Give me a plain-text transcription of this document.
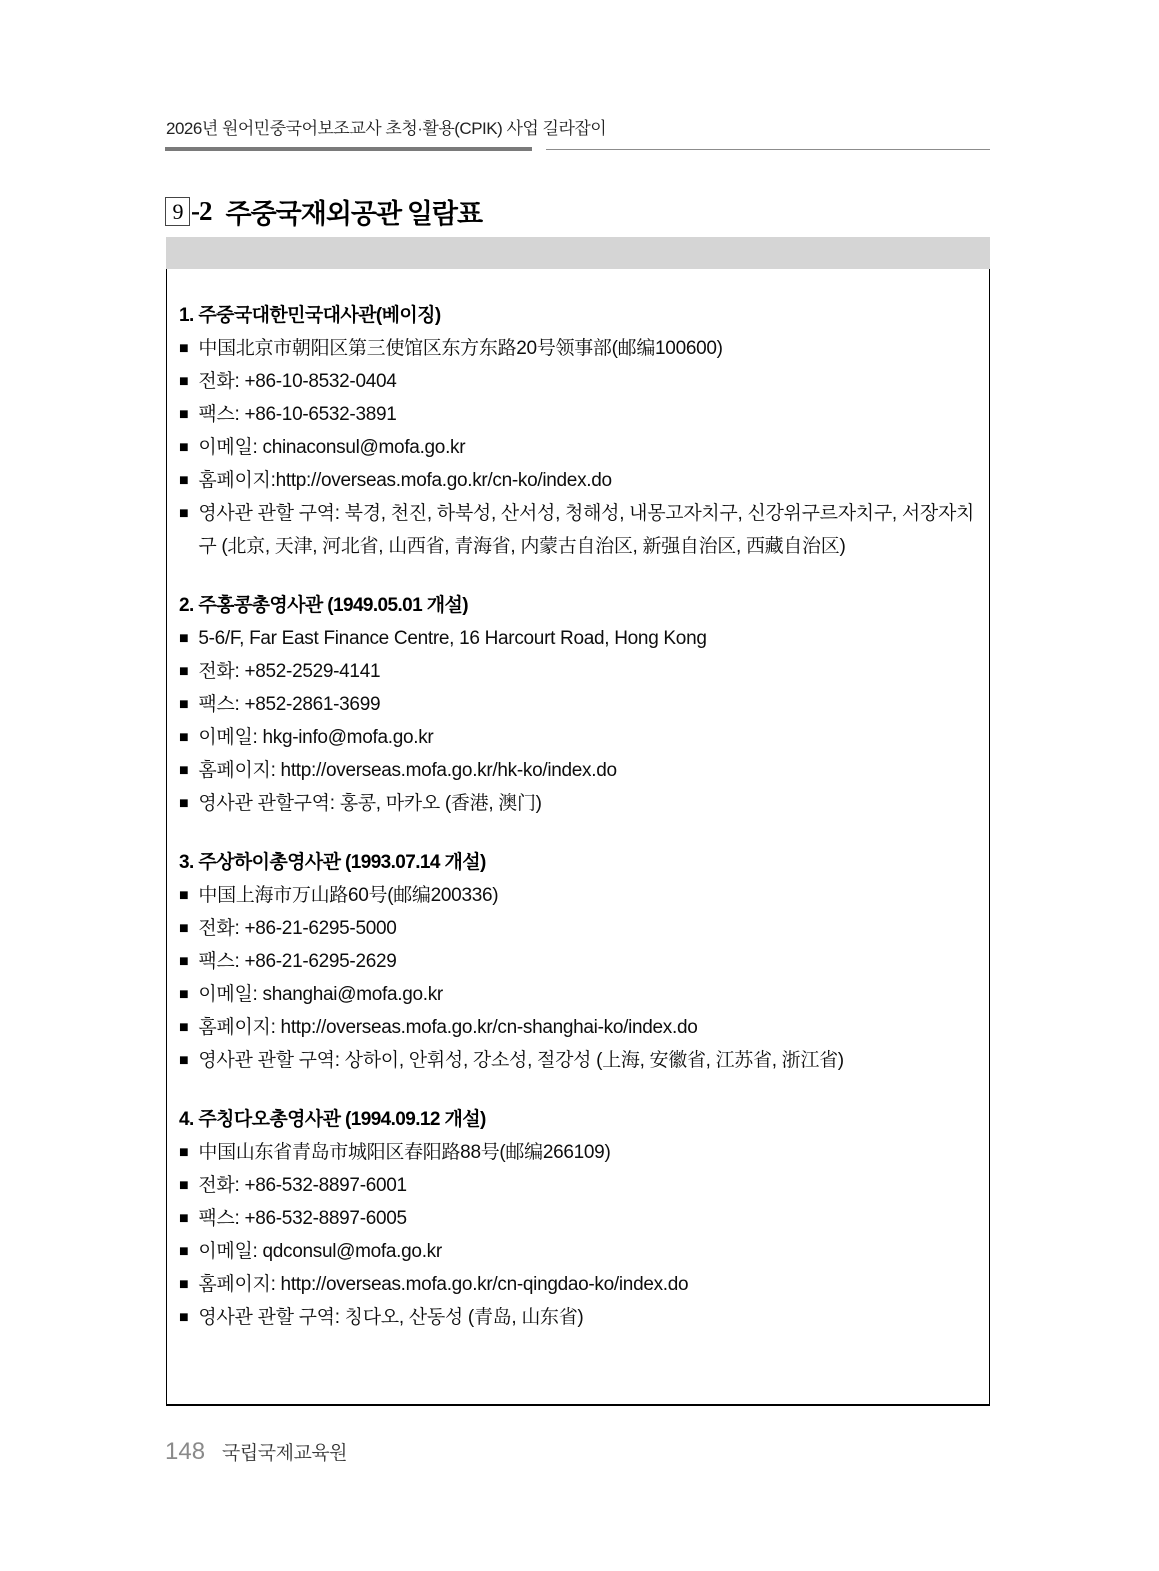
2026년 원어민중국어보조교사 초청·활용(CPIK) 사업 길라잡이
9 -2 주중국재외공관 일람표
1. 주중국대한민국대사관(베이징)
■ 中国北京市朝阳区第三使馆区东方东路20号领事部(邮编100600)
■ 전화: +86-10-8532-0404
■ 팩스: +86-10-6532-3891
■ 이메일: chinaconsul@mofa.go.kr
■ 홈페이지:http://overseas.mofa.go.kr/cn-ko/index.do
■ 영사관 관할 구역: 북경, 천진, 하북성, 산서성, 청해성, 내몽고자치구, 신강위구르자치구, 서장자치구 (北京, 天津, 河北省, 山西省, 青海省, 内蒙古自治区, 新强自治区, 西藏自治区)
2. 주홍콩총영사관 (1949.05.01 개설)
■ 5-6/F, Far East Finance Centre, 16 Harcourt Road, Hong Kong
■ 전화: +852-2529-4141
■ 팩스: +852-2861-3699
■ 이메일: hkg-info@mofa.go.kr
■ 홈페이지: http://overseas.mofa.go.kr/hk-ko/index.do
■ 영사관 관할구역: 홍콩, 마카오 (香港, 澳门)
3. 주상하이총영사관 (1993.07.14 개설)
■ 中国上海市万山路60号(邮编200336)
■ 전화: +86-21-6295-5000
■ 팩스: +86-21-6295-2629
■ 이메일: shanghai@mofa.go.kr
■ 홈페이지: http://overseas.mofa.go.kr/cn-shanghai-ko/index.do
■ 영사관 관할 구역: 상하이, 안휘성, 강소성, 절강성 (上海, 安徽省, 江苏省, 浙江省)
4. 주칭다오총영사관 (1994.09.12 개설)
■ 中国山东省青岛市城阳区春阳路88号(邮编266109)
■ 전화: +86-532-8897-6001
■ 팩스: +86-532-8897-6005
■ 이메일: qdconsul@mofa.go.kr
■ 홈페이지: http://overseas.mofa.go.kr/cn-qingdao-ko/index.do
■ 영사관 관할 구역: 칭다오, 산동성 (青岛, 山东省)
148 국립국제교육원
